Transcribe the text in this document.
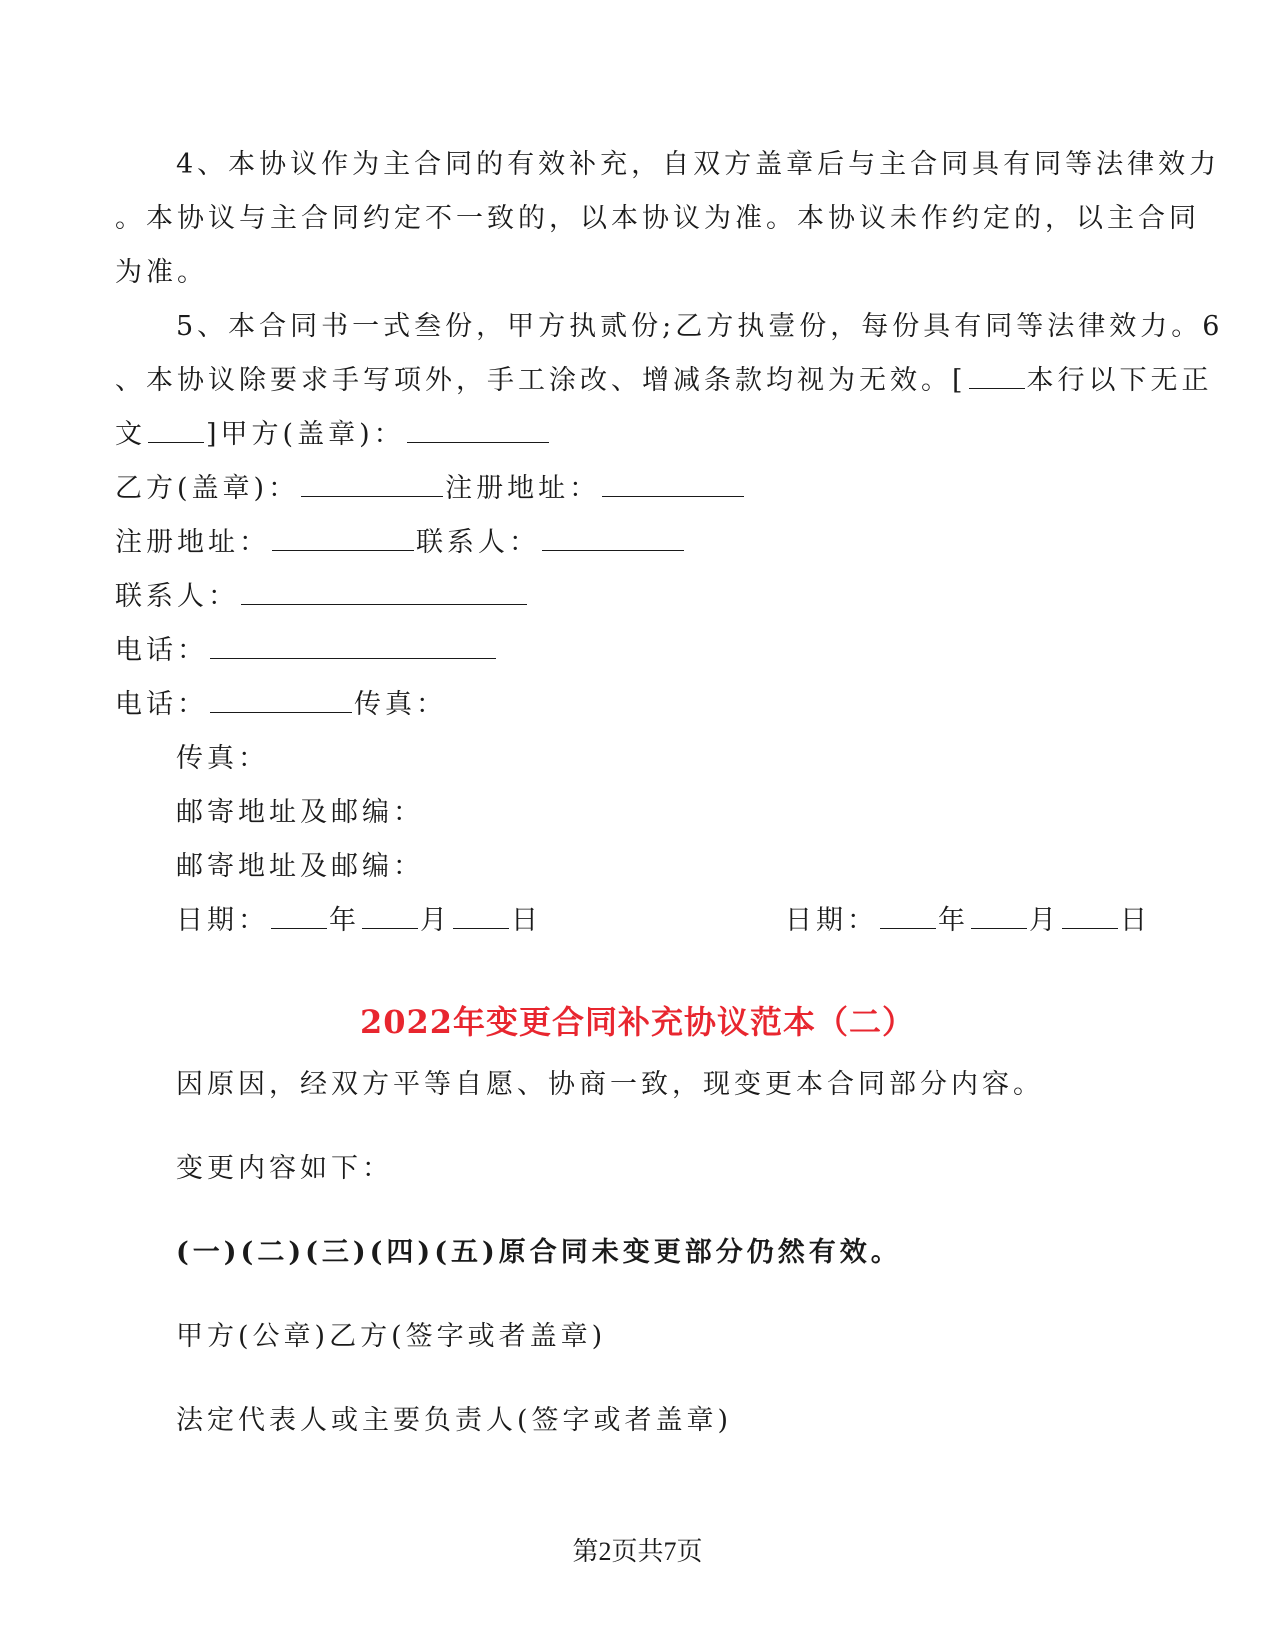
4、本协议作为主合同的有效补充，自双方盖章后与主合同具有同等法律效力
。本协议与主合同约定不一致的，以本协议为准。本协议未作约定的，以主合同
为准。
5、本合同书一式叁份，甲方执贰份;乙方执壹份，每份具有同等法律效力。6
、本协议除要求手写项外，手工涂改、增减条款均视为无效。[ 本行以下无正
文 ]甲方(盖章)：
乙方(盖章)：	注册地址：
注册地址：	联系人：
联系人：
电话：
电话：	传真：
传真：
邮寄地址及邮编：
邮寄地址及邮编：
日期： 年 月 日	日期： 年 月 日
2022年变更合同补充协议范本（二）
因原因，经双方平等自愿、协商一致，现变更本合同部分内容。
变更内容如下：
(一)(二)(三)(四)(五)原合同未变更部分仍然有效。
甲方(公章)乙方(签字或者盖章)
法定代表人或主要负责人(签字或者盖章)
第2页共7页
